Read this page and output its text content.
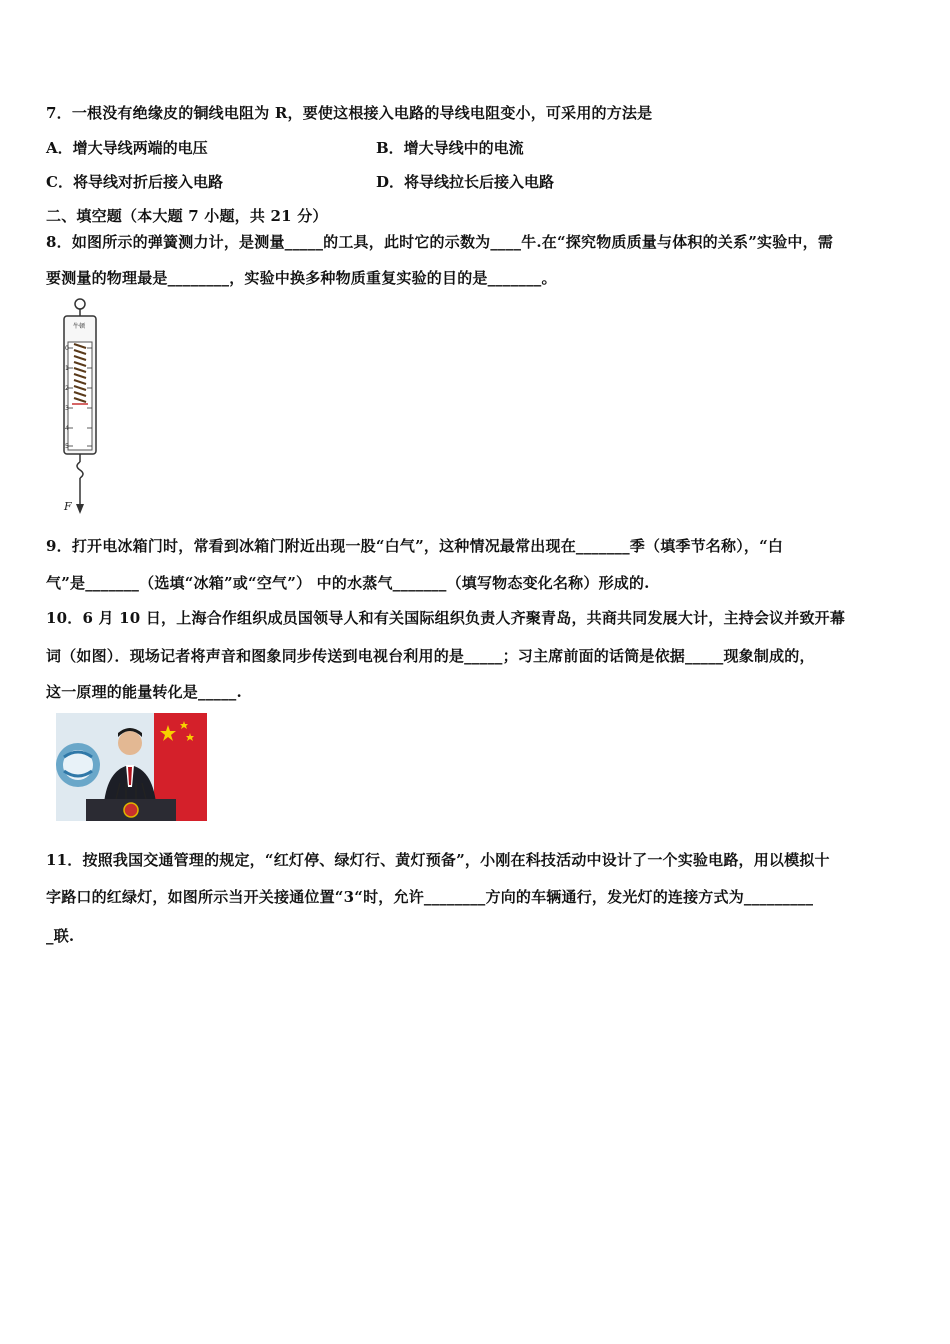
7．一根没有绝缘皮的铜线电阻为 R，要使这根接入电路的导线电阻变小，可采用的方法是
A．增大导线两端的电压	B．增大导线中的电流
C．将导线对折后接入电路	D．将导线拉长后接入电路
二、填空题（本大题 7 小题，共 21 分）
8．如图所示的弹簧测力计，是测量_____的工具，此时它的示数为____牛.在“探究物质质量与体积的关系”实验中，需
要测量的物理最是________，实验中换多种物质重复实验的目的是_______。
0
1
2
3
4
5
牛顿
F
9．打开电冰箱门时，常看到冰箱门附近出现一股“白气”，这种情况最常出现在_______季（填季节名称），“白
气”是_______（选填“冰箱”或“空气”） 中的水蒸气_______（填写物态变化名称）形成的.
10．6 月 10 日，上海合作组织成员国领导人和有关国际组织负责人齐聚青岛，共商共同发展大计，主持会议并致开幕
词（如图）．现场记者将声音和图象同步传送到电视台利用的是_____；习主席前面的话筒是依据_____现象制成的，
这一原理的能量转化是_____.
11．按照我国交通管理的规定，“红灯停、绿灯行、黄灯预备”，小刚在科技活动中设计了一个实验电路，用以模拟十
字路口的红绿灯，如图所示当开关接通位置“3“时，允许________方向的车辆通行，发光灯的连接方式为_________
_联.
